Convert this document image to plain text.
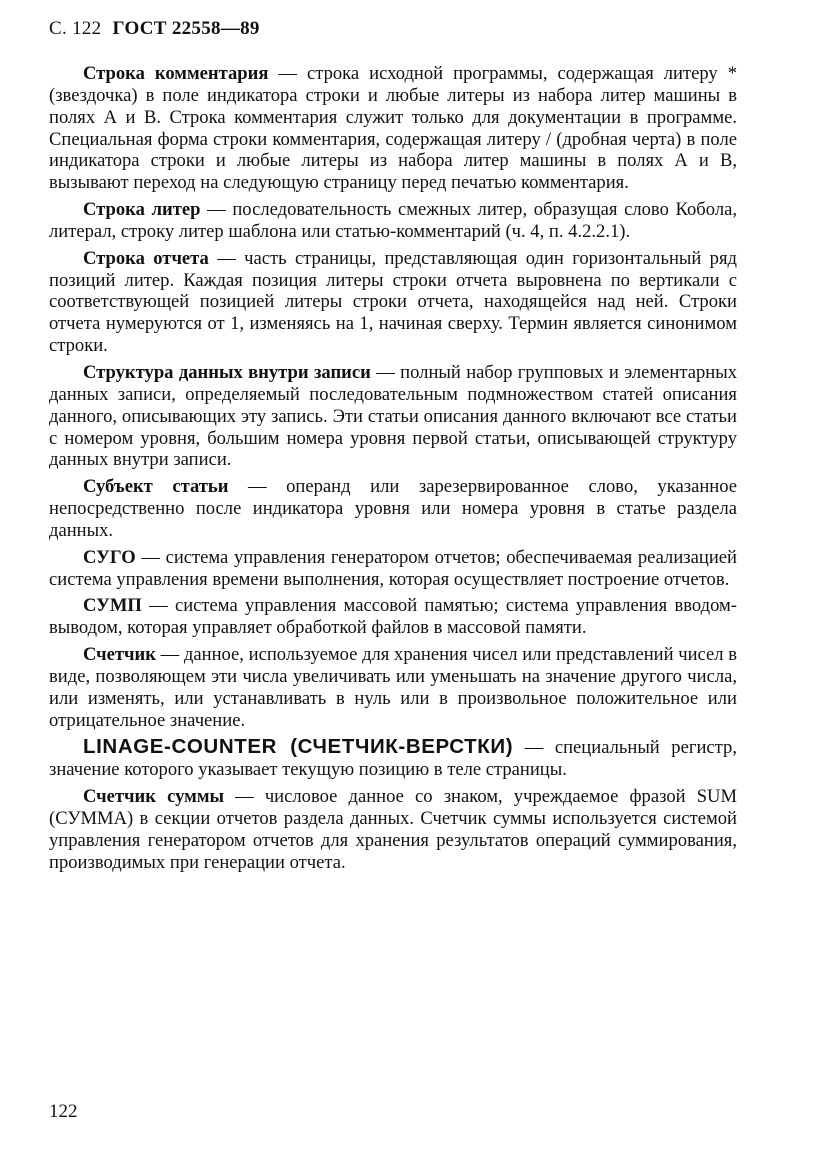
С. 122 ГОСТ 22558—89

Строка комментария — строка исходной программы, содержащая литеру * (звездочка) в поле индикатора строки и любые литеры из набора литер машины в полях А и В. Строка комментария служит только для документации в программе. Специальная форма строки комментария, содержащая литеру / (дробная черта) в поле индикатора строки и любые литеры из набора литер машины в полях А и В, вызывают переход на следующую страницу перед печатью комментария.

Строка литер — последовательность смежных литер, образущая слово Кобола, литерал, строку литер шаблона или статью-комментарий (ч. 4, п. 4.2.2.1).

Строка отчета — часть страницы, представляющая один горизонтальный ряд позиций литер. Каждая позиция литеры строки отчета выровнена по вертикали с соответствующей позицией литеры строки отчета, находящейся над ней. Строки отчета нумеруются от 1, изменяясь на 1, начиная сверху. Термин является синонимом строки.

Структура данных внутри записи — полный набор групповых и элементарных данных записи, определяемый последовательным подмножеством статей описания данного, описывающих эту запись. Эти статьи описания данного включают все статьи с номером уровня, большим номера уровня первой статьи, описывающей структуру данных внутри записи.

Субъект статьи — операнд или зарезервированное слово, указанное непосредственно после индикатора уровня или номера уровня в статье раздела данных.

СУГО — система управления генератором отчетов; обеспечиваемая реализацией система управления времени выполнения, которая осуществляет построение отчетов.

СУМП — система управления массовой памятью; система управления вводом-выводом, которая управляет обработкой файлов в массовой памяти.

Счетчик — данное, используемое для хранения чисел или представлений чисел в виде, позволяющем эти числа увеличивать или уменьшать на значение другого числа, или изменять, или устанавливать в нуль или в произвольное положительное или отрицательное значение.

LINAGE-COUNTER (СЧЕТЧИК-ВЕРСТКИ) — специальный регистр, значение которого указывает текущую позицию в теле страницы.

Счетчик суммы — числовое данное со знаком, учреждаемое фразой SUM (СУММА) в секции отчетов раздела данных. Счетчик суммы используется системой управления генератором отчетов для хранения результатов операций суммирования, производимых при генерации отчета.

122
